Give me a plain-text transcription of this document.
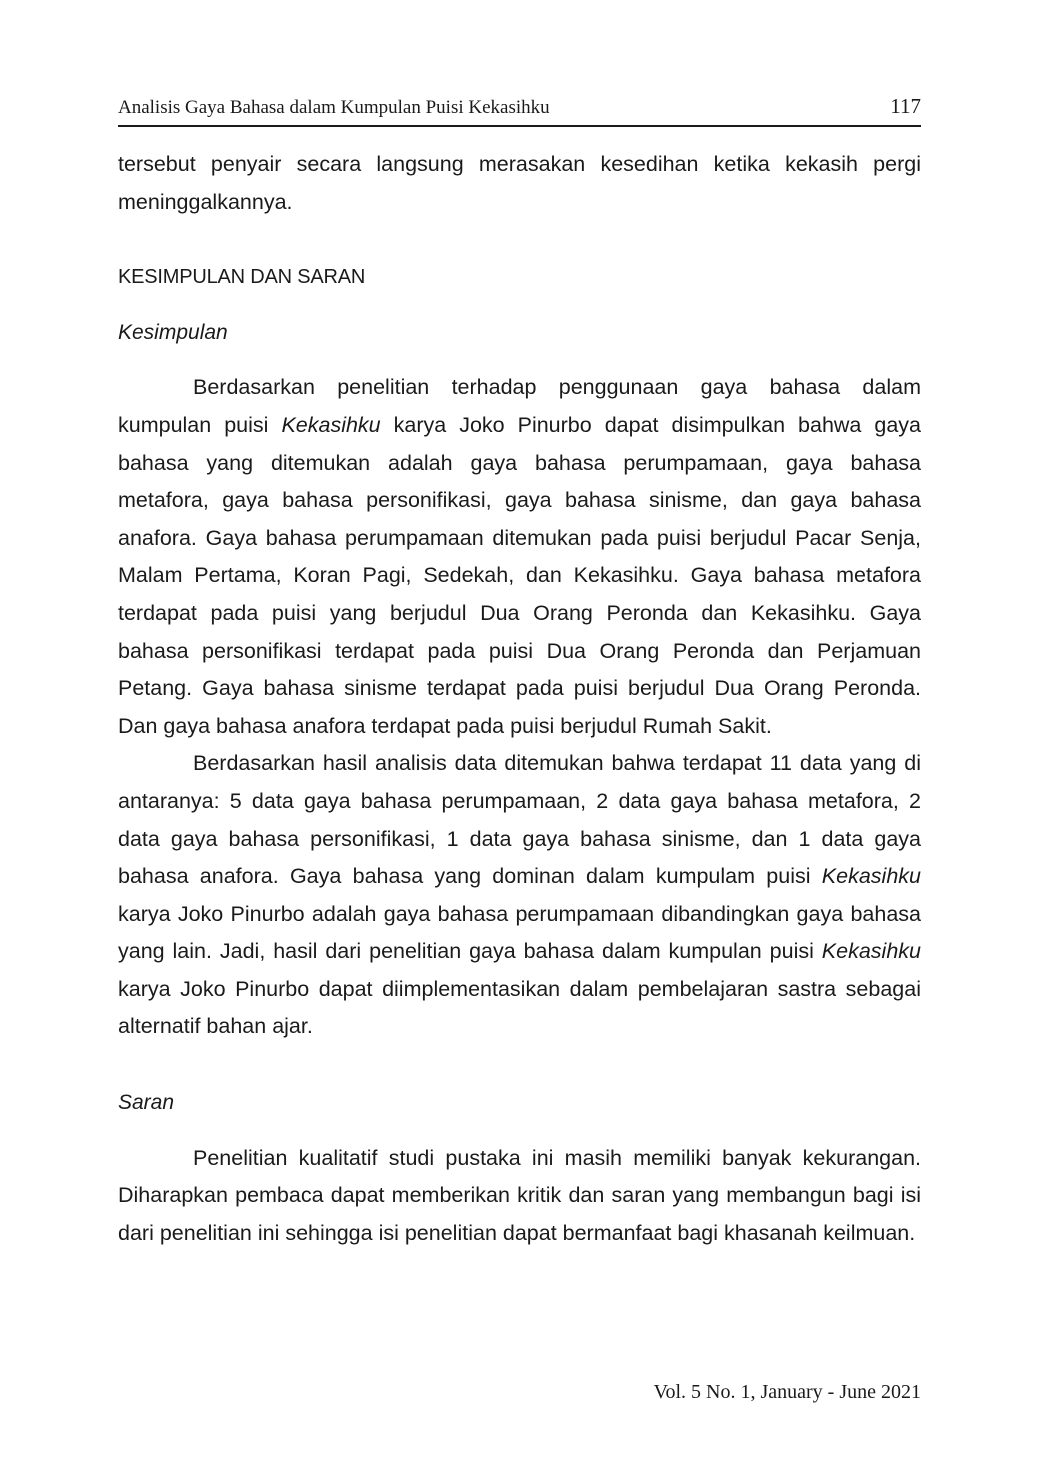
Analisis Gaya Bahasa dalam Kumpulan Puisi Kekasihku	117

tersebut penyair secara langsung merasakan kesedihan ketika kekasih pergi meninggalkannya.

KESIMPULAN DAN SARAN
Kesimpulan

Berdasarkan penelitian terhadap penggunaan gaya bahasa dalam kumpulan puisi Kekasihku karya Joko Pinurbo dapat disimpulkan bahwa gaya bahasa yang ditemukan adalah gaya bahasa perumpamaan, gaya bahasa metafora, gaya bahasa personifikasi, gaya bahasa sinisme, dan gaya bahasa anafora. Gaya bahasa perumpamaan ditemukan pada puisi berjudul Pacar Senja, Malam Pertama, Koran Pagi, Sedekah, dan Kekasihku. Gaya bahasa metafora terdapat pada puisi yang berjudul Dua Orang Peronda dan Kekasihku. Gaya bahasa personifikasi terdapat pada puisi Dua Orang Peronda dan Perjamuan Petang. Gaya bahasa sinisme terdapat pada puisi berjudul Dua Orang Peronda. Dan gaya bahasa anafora terdapat pada puisi berjudul Rumah Sakit.

Berdasarkan hasil analisis data ditemukan bahwa terdapat 11 data yang di antaranya: 5 data gaya bahasa perumpamaan, 2 data gaya bahasa metafora, 2 data gaya bahasa personifikasi, 1 data gaya bahasa sinisme, dan 1 data gaya bahasa anafora. Gaya bahasa yang dominan dalam kumpulam puisi Kekasihku karya Joko Pinurbo adalah gaya bahasa perumpamaan dibandingkan gaya bahasa yang lain. Jadi, hasil dari penelitian gaya bahasa dalam kumpulan puisi Kekasihku karya Joko Pinurbo dapat diimplementasikan dalam pembelajaran sastra sebagai alternatif bahan ajar.

Saran

Penelitian kualitatif studi pustaka ini masih memiliki banyak kekurangan. Diharapkan pembaca dapat memberikan kritik dan saran yang membangun bagi isi dari penelitian ini sehingga isi penelitian dapat bermanfaat bagi khasanah keilmuan.

Vol. 5 No. 1, January - June 2021
